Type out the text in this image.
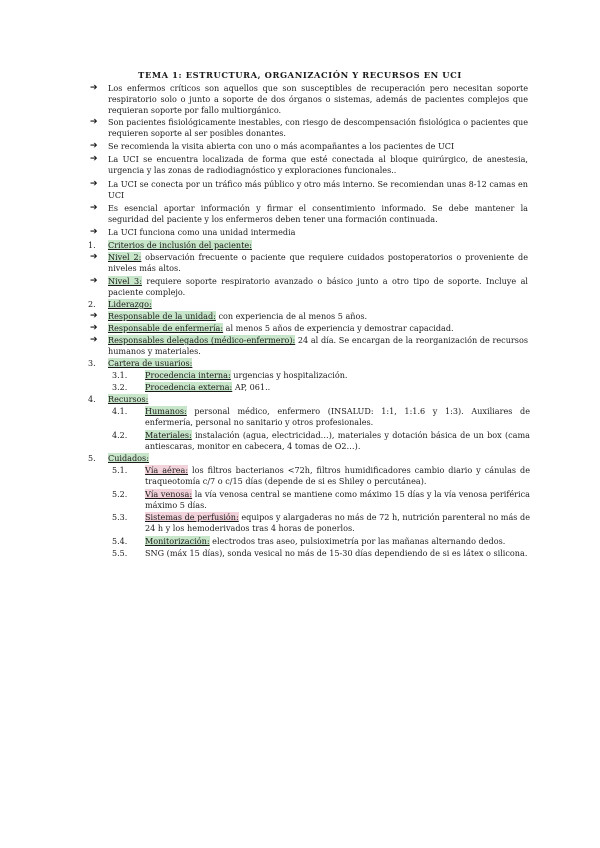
TEMA 1: ESTRUCTURA, ORGANIZACIÓN Y RECURSOS EN UCI
➔ Los enfermos críticos son aquellos que son susceptibles de recuperación pero necesitan soporte respiratorio solo o junto a soporte de dos órganos o sistemas, además de pacientes complejos que requieran soporte por fallo multiorgánico.
➔ Son pacientes fisiológicamente inestables, con riesgo de descompensación fisiológica o pacientes que requieren soporte al ser posibles donantes.
➔ Se recomienda la visita abierta con uno o más acompañantes a los pacientes de UCI
➔ La UCI se encuentra localizada de forma que esté conectada al bloque quirúrgico, de anestesia, urgencia y las zonas de radiodiagnóstico y exploraciones funcionales..
➔ La UCI se conecta por un tráfico más público y otro más interno. Se recomiendan unas 8-12 camas en UCI
➔ Es esencial aportar información y firmar el consentimiento informado. Se debe mantener la seguridad del paciente y los enfermeros deben tener una formación continuada.
➔ La UCI funciona como una unidad intermedia
1. Criterios de inclusión del paciente:
➔ Nivel 2: observación frecuente o paciente que requiere cuidados postoperatorios o proveniente de niveles más altos.
➔ Nivel 3: requiere soporte respiratorio avanzado o básico junto a otro tipo de soporte. Incluye al paciente complejo.
2. Liderazgo:
➔ Responsable de la unidad: con experiencia de al menos 5 años.
➔ Responsable de enfermería: al menos 5 años de experiencia y demostrar capacidad.
➔ Responsables delegados (médico-enfermero): 24 al día. Se encargan de la reorganización de recursos humanos y materiales.
3. Cartera de usuarios:
3.1. Procedencia interna: urgencias y hospitalización.
3.2. Procedencia externa: AP, 061..
4. Recursos:
4.1. Humanos: personal médico, enfermero (INSALUD: 1:1, 1:1.6 y 1:3). Auxiliares de enfermería, personal no sanitario y otros profesionales.
4.2. Materiales: instalación (agua, electricidad…), materiales y dotación básica de un box (cama antiescaras, monitor en cabecera, 4 tomas de O2…).
5. Cuidados:
5.1. Vía aérea: los filtros bacterianos <72h, filtros humidificadores cambio diario y cánulas de traqueotomía c/7 o c/15 días (depende de si es Shiley o percutánea).
5.2. Vía venosa: la vía venosa central se mantiene como máximo 15 días y la vía venosa periférica máximo 5 días.
5.3. Sistemas de perfusión: equipos y alargaderas no más de 72 h, nutrición parenteral no más de 24 h y los hemoderivados tras 4 horas de ponerlos.
5.4. Monitorización: electrodos tras aseo, pulsioximetría por las mañanas alternando dedos.
5.5. SNG (máx 15 días), sonda vesical no más de 15-30 días dependiendo de si es látex o silicona.
